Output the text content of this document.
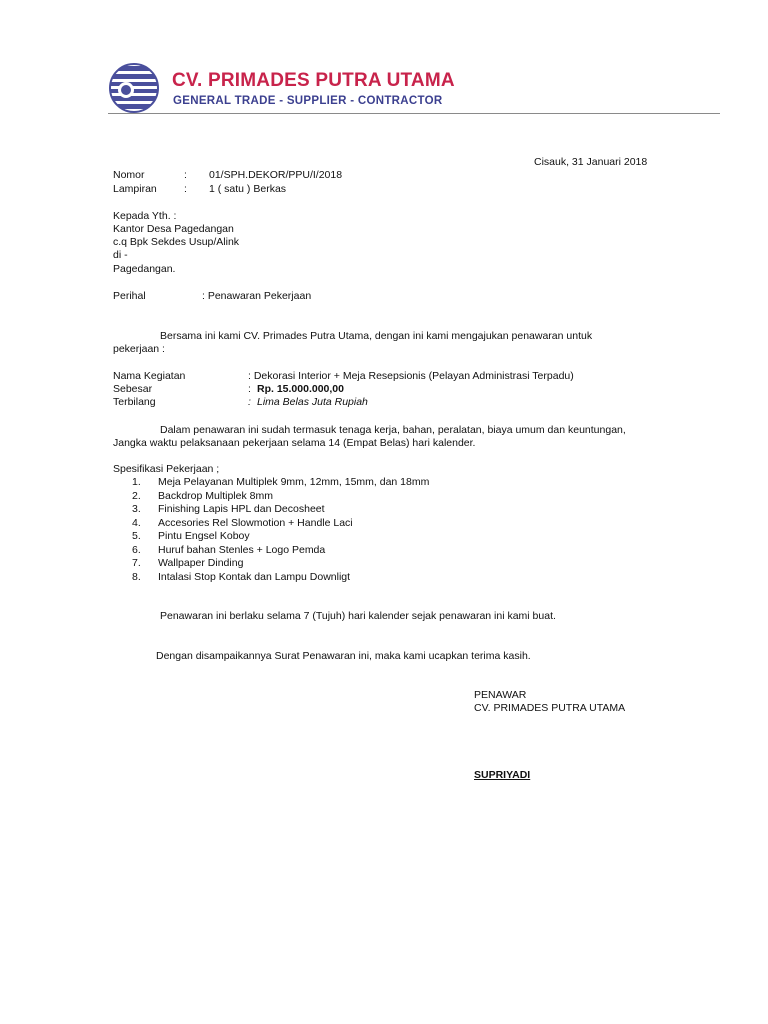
CV. PRIMADES PUTRA UTAMA
GENERAL TRADE - SUPPLIER - CONTRACTOR
Cisauk, 31 Januari 2018
Nomor	: 01/SPH.DEKOR/PPU/I/2018
Lampiran	: 1 ( satu ) Berkas
Kepada Yth. :
Kantor Desa Pagedangan
c.q Bpk Sekdes Usup/Alink
di -
Pagedangan.
Perihal	: Penawaran Pekerjaan
Bersama ini kami CV. Primades Putra Utama, dengan ini kami mengajukan penawaran untuk
pekerjaan :
Nama Kegiatan	: Dekorasi Interior + Meja Resepsionis (Pelayan Administrasi Terpadu)
Sebesar	: Rp. 15.000.000,00
Terbilang	: Lima Belas Juta Rupiah
Dalam penawaran ini sudah termasuk tenaga kerja, bahan, peralatan, biaya umum dan keuntungan,
Jangka waktu pelaksanaan pekerjaan selama 14 (Empat Belas) hari kalender.
Spesifikasi Pekerjaan ;
1. Meja Pelayanan Multiplek 9mm, 12mm, 15mm, dan 18mm
2. Backdrop Multiplek 8mm
3. Finishing Lapis HPL dan Decosheet
4. Accesories Rel Slowmotion + Handle Laci
5. Pintu Engsel Koboy
6. Huruf bahan Stenles + Logo Pemda
7. Wallpaper Dinding
8. Intalasi Stop Kontak dan Lampu Downligt
Penawaran ini berlaku selama 7 (Tujuh) hari kalender sejak penawaran ini kami buat.
Dengan disampaikannya Surat Penawaran ini, maka kami ucapkan terima kasih.
PENAWAR
CV. PRIMADES PUTRA UTAMA
SUPRIYADI
